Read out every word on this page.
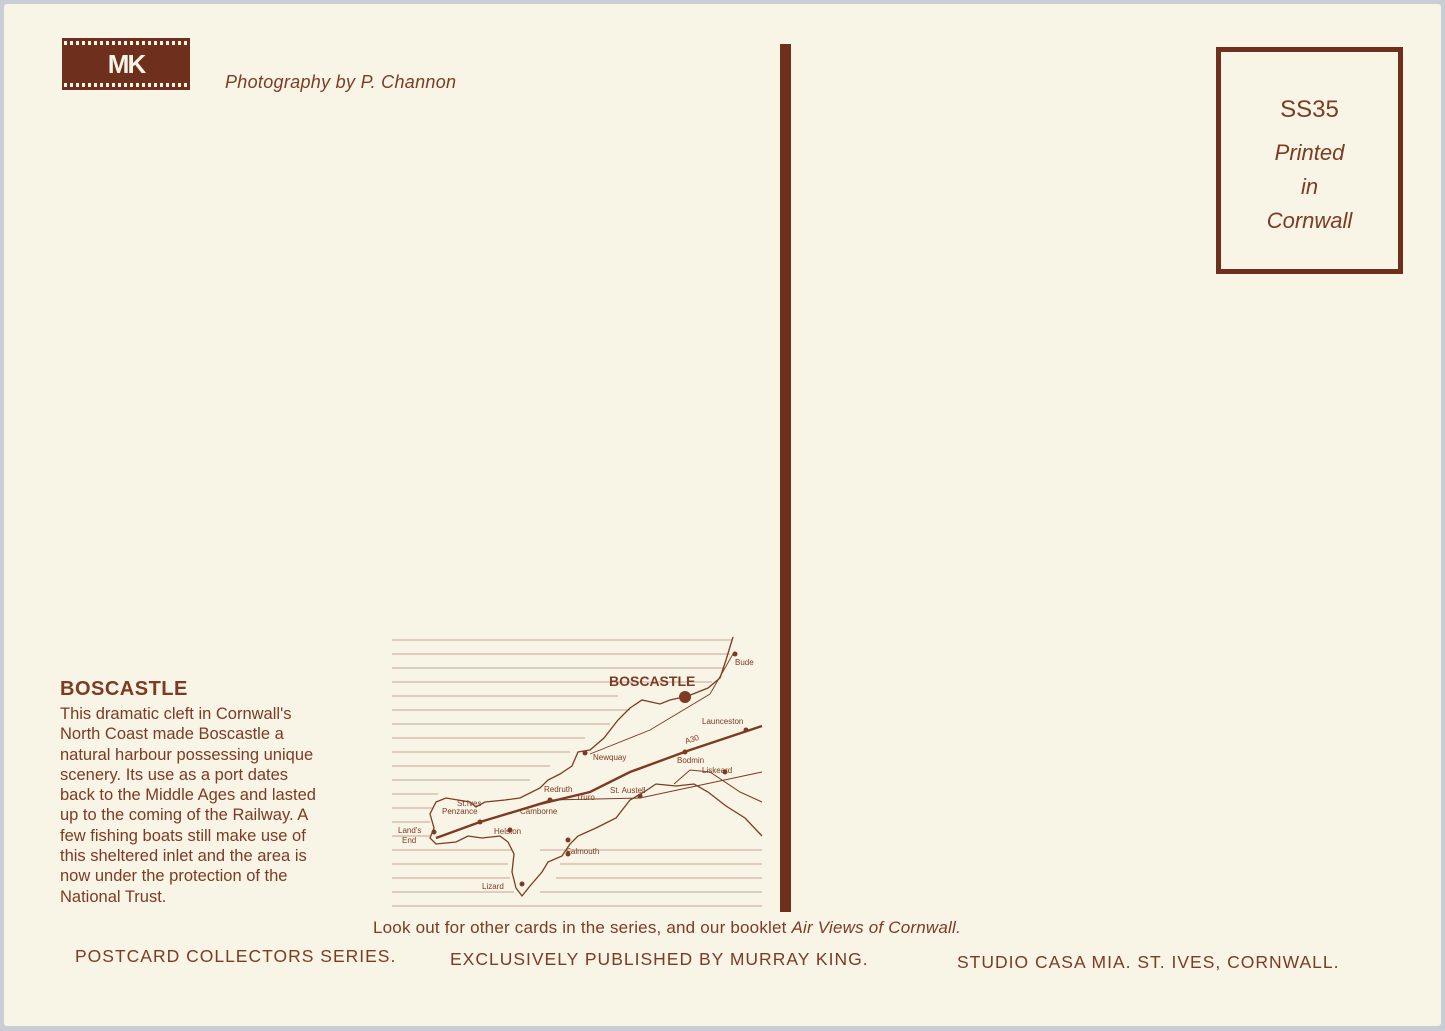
MK
Photography by P. Channon
SS35
Printed
in
Cornwall
BOSCASTLE
This dramatic cleft in Cornwall's
North Coast made Boscastle a
natural harbour possessing unique
scenery. Its use as a port dates
back to the Middle Ages and lasted
up to the coming of the Railway. A
few fishing boats still make use of
this sheltered inlet and the area is
now under the protection of the
National Trust.
BOSCASTLE
Bude
Launceston
A30
Newquay	Bodmin
Liskeard
Redruth	St. Austell
St.Ives
Penzance
Truro
Camborne
Land's
End
Helston
Falmouth
Lizard
Look out for other cards in the series, and our booklet Air Views of Cornwall.
POSTCARD COLLECTORS SERIES.	EXCLUSIVELY PUBLISHED BY MURRAY KING.	STUDIO CASA MIA. ST. IVES, CORNWALL.
